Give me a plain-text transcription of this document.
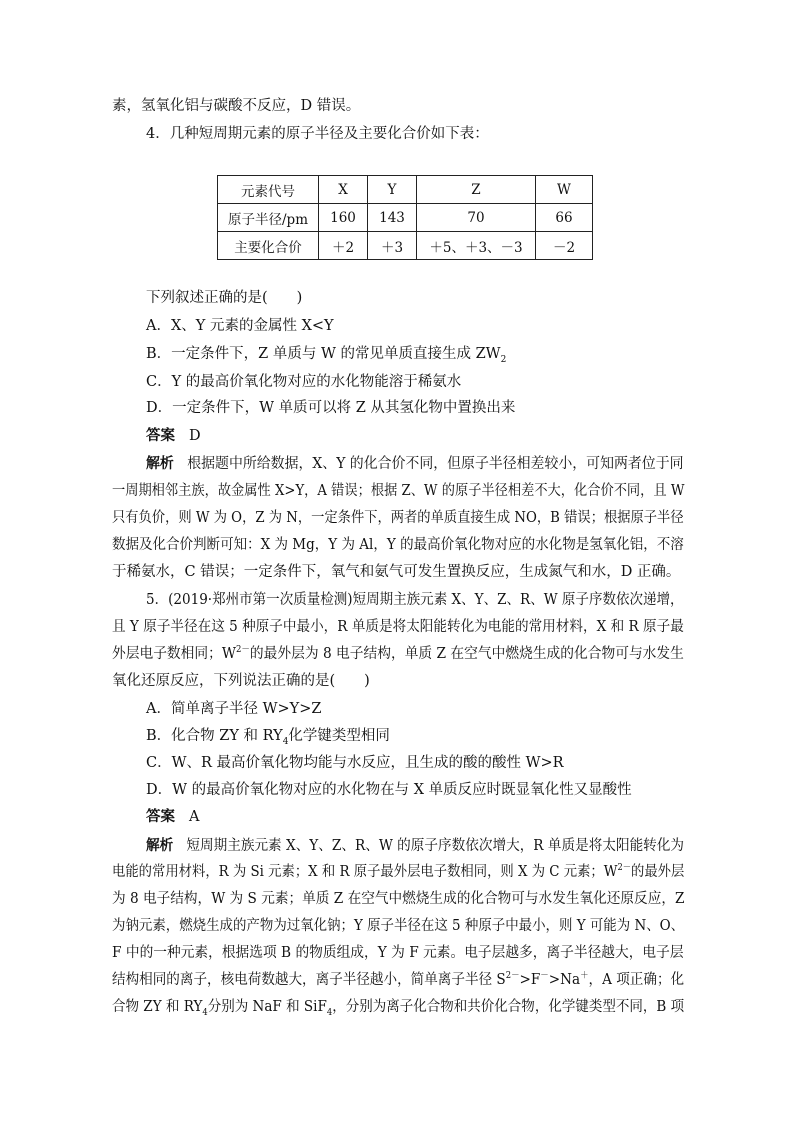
素，氢氧化铝与碳酸不反应，D 错误。
4．几种短周期元素的原子半径及主要化合价如下表：
元素代号	X	Y	Z	W
原子半径/pm	160	143	70	66
主要化合价	＋2	＋3	＋5、＋3、－3	－2
下列叙述正确的是(　　)
A．X、Y 元素的金属性 X<Y
B．一定条件下，Z 单质与 W 的常见单质直接生成 $ZW_2$
C．Y 的最高价氧化物对应的水化物能溶于稀氨水
D．一定条件下，W 单质可以将 Z 从其氢化物中置换出来
答案 D
解析 根据题中所给数据，X、Y 的化合价不同，但原子半径相差较小，可知两者位于同
一周期相邻主族，故金属性 X>Y，A 错误；根据 Z、W 的原子半径相差不大，化合价不同，且 W
只有负价，则 W 为 O，Z 为 N，一定条件下，两者的单质直接生成 NO，B 错误；根据原子半径
数据及化合价判断可知：X 为 Mg，Y 为 Al，Y 的最高价氧化物对应的水化物是氢氧化铝，不溶
于稀氨水，C 错误；一定条件下，氧气和氨气可发生置换反应，生成氮气和水，D 正确。
5．(2019·郑州市第一次质量检测)短周期主族元素 X、Y、Z、R、W 原子序数依次递增，
且 Y 原子半径在这 5 种原子中最小，R 单质是将太阳能转化为电能的常用材料，X 和 R 原子最
外层电子数相同；$W^{2-}$的最外层为 8 电子结构，单质 Z 在空气中燃烧生成的化合物可与水发生
氧化还原反应，下列说法正确的是(　　)
A．简单离子半径 W>Y>Z
B．化合物 ZY 和 $RY_4$化学键类型相同
C．W、R 最高价氧化物均能与水反应，且生成的酸的酸性 W>R
D．W 的最高价氧化物对应的水化物在与 X 单质反应时既显氧化性又显酸性
答案 A
解析 短周期主族元素 X、Y、Z、R、W 的原子序数依次增大，R 单质是将太阳能转化为
电能的常用材料，R 为 Si 元素；X 和 R 原子最外层电子数相同，则 X 为 C 元素；$W^{2-}$的最外层
为 8 电子结构，W 为 S 元素；单质 Z 在空气中燃烧生成的化合物可与水发生氧化还原反应，Z
为钠元素，燃烧生成的产物为过氧化钠；Y 原子半径在这 5 种原子中最小，则 Y 可能为 N、O、
F 中的一种元素，根据选项 B 的物质组成，Y 为 F 元素。电子层越多，离子半径越大，电子层
结构相同的离子，核电荷数越大，离子半径越小，简单离子半径 $S^{2-}>F^->Na^+$，A 项正确；化
合物 ZY 和 $RY_4$分别为 NaF 和 SiF$_4$，分别为离子化合物和共价化合物，化学键类型不同，B 项
